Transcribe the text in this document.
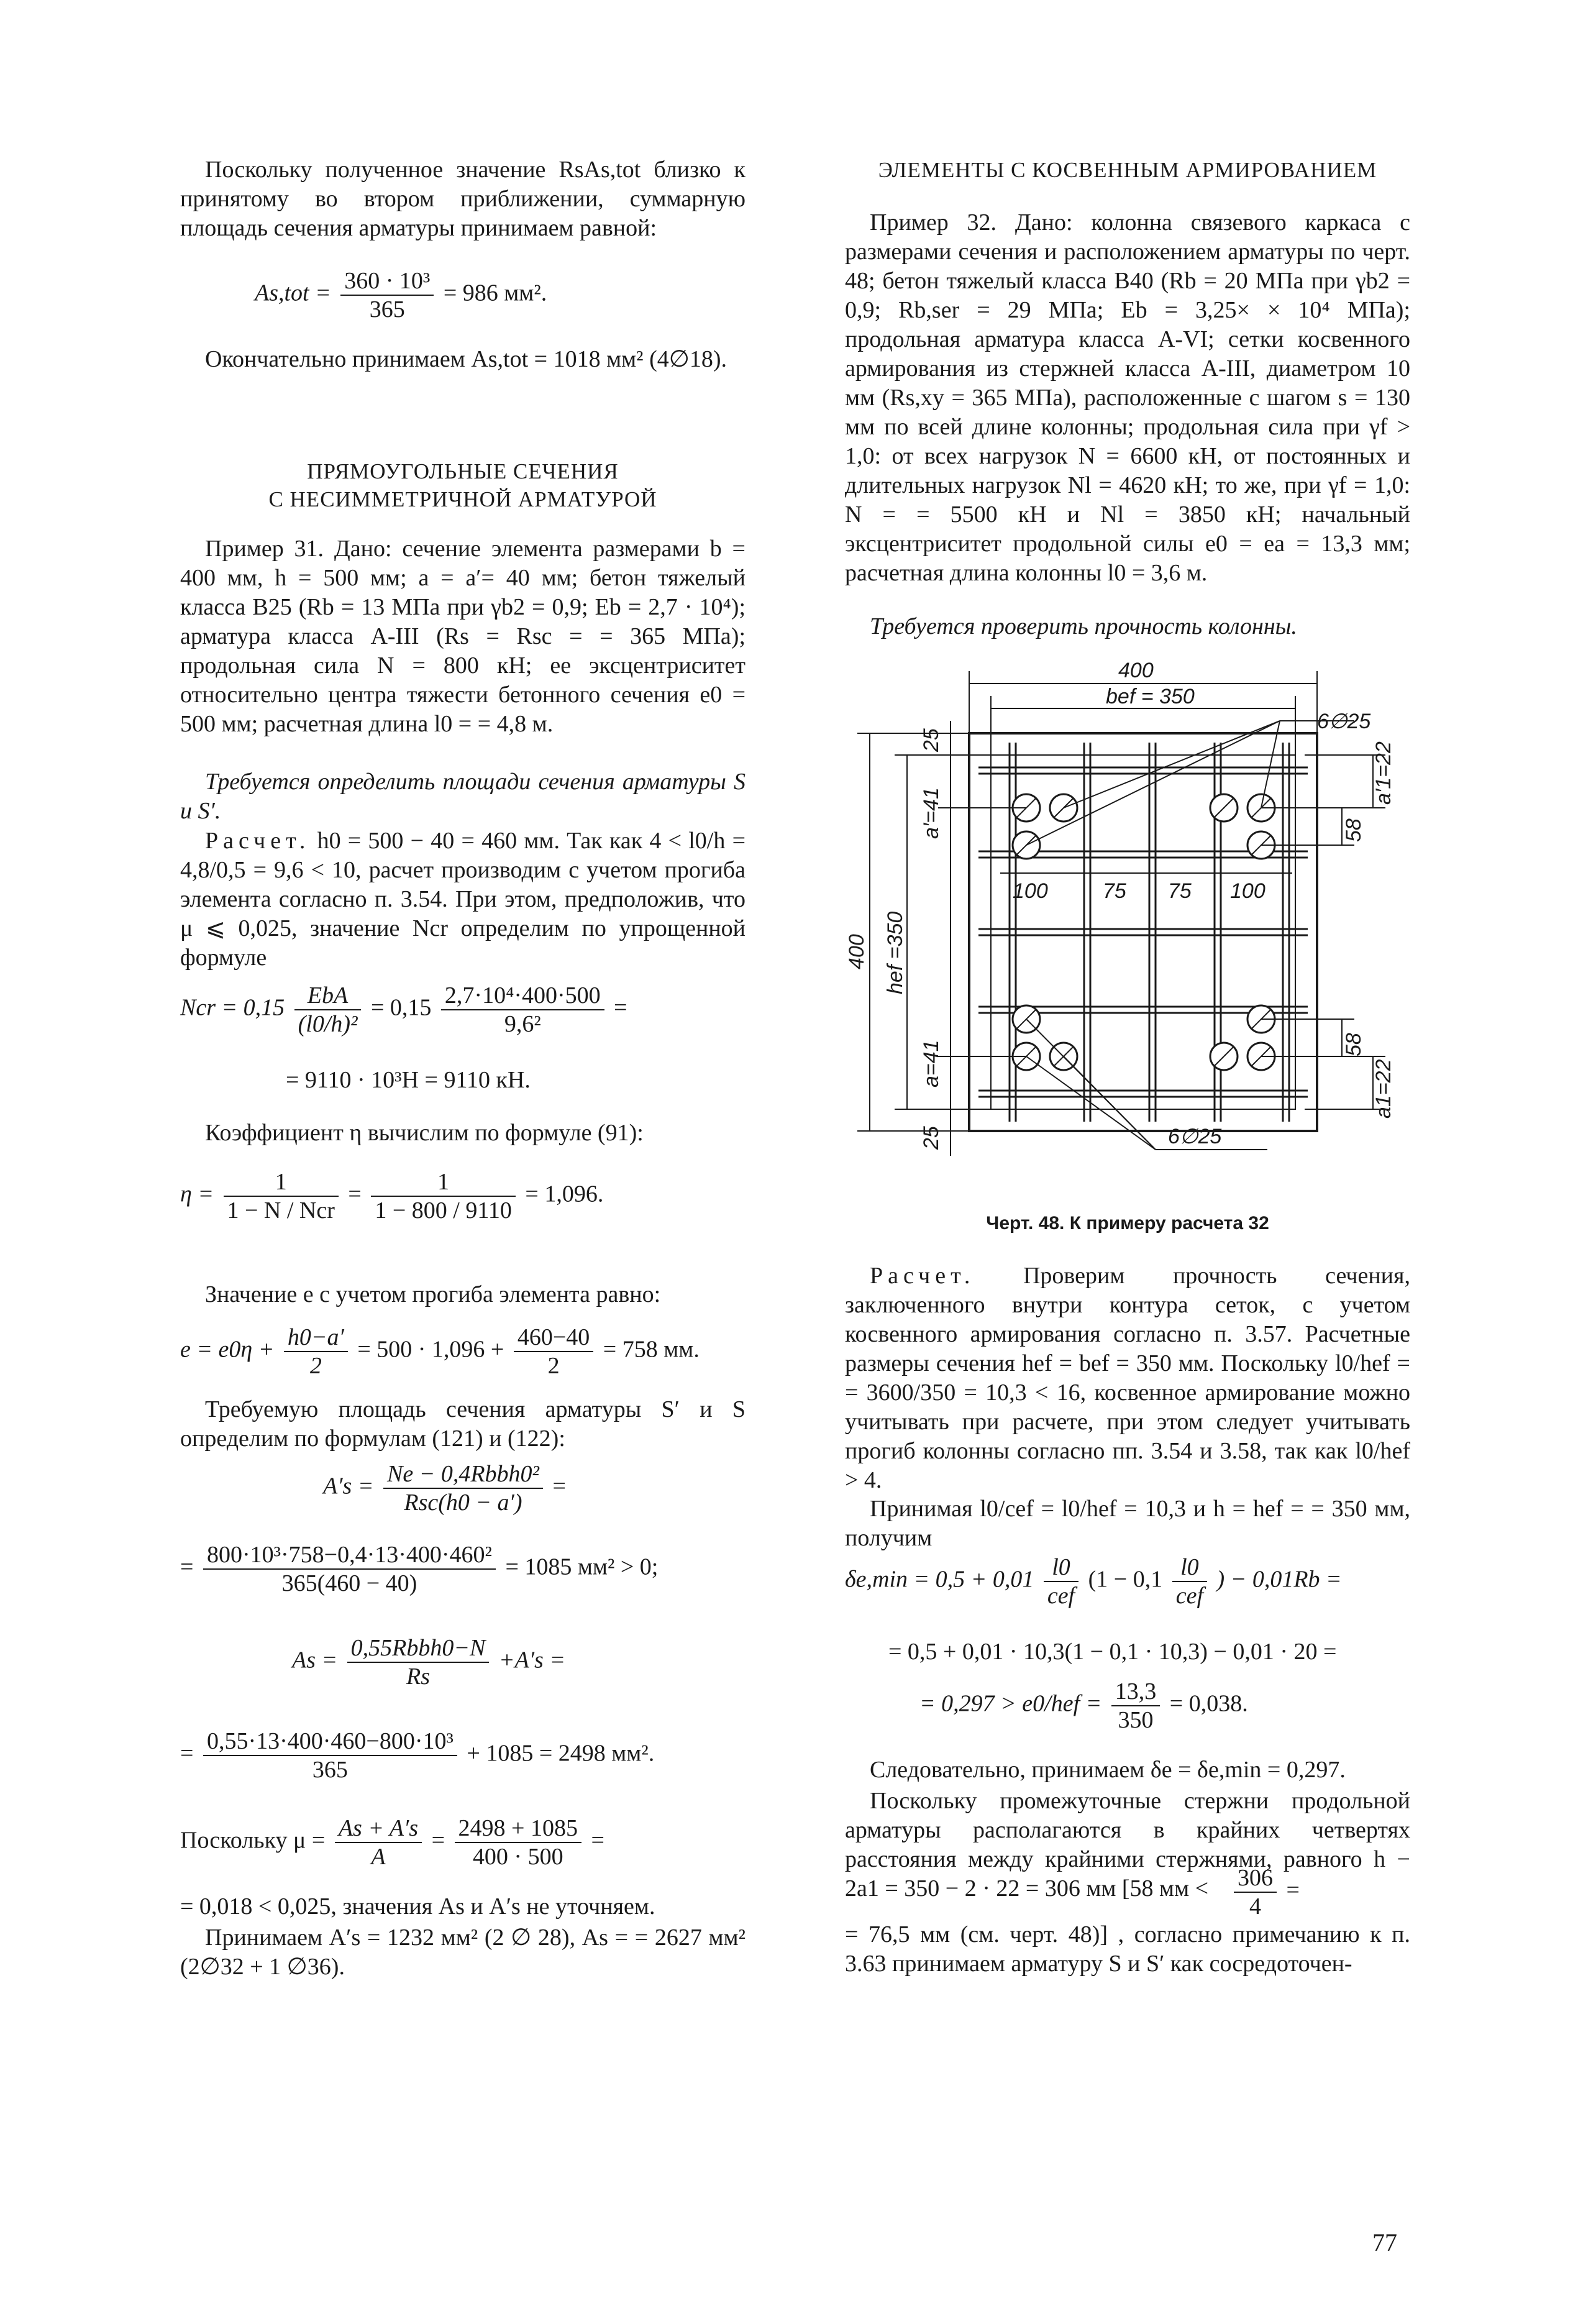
Поскольку полученное значение RsAs,tot близко к принятому во втором приближении, суммарную площадь сечения арматуры принимаем равной:

$As,tot = \frac{\text{360 · 10³}}{365} = 986$ мм².

Окончательно принимаем As,tot = 1018 мм² (4∅18).

ПРЯМОУГОЛЬНЫЕ СЕЧЕНИЯ

С НЕСИММЕТРИЧНОЙ АРМАТУРОЙ

Пример 31. Дано: сечение элемента размерами b = 400 мм, h = 500 мм; a = a′= 40 мм; бетон тяжелый класса В25 (Rb = 13 МПа при γb2 = 0,9; Eb = 2,7 · 10⁴); арматура класса А-III (Rs = Rsc = = 365 МПа); продольная сила N = 800 кН; ее эксцентриситет относительно центра тяжести бетонного сечения e0 = 500 мм; расчетная длина l0 = = 4,8 м.

Требуется определить площади сечения арматуры S и S′.

Расчет. h0 = 500 − 40 = 460 мм. Так как 4 < l0/h = 4,8/0,5 = 9,6 < 10, расчет производим с учетом прогиба элемента согласно п. 3.54. При этом, предположив, что μ ⩽ 0,025, значение Ncr определим по упрощенной формуле

Ncr = $0,15 \frac{\text{EbA}}{\text{(l0/h)²}} = 0,15 \frac{\text{2,7·10⁴·400·500}}{\text{9,6²}}$ =
= 9110 · 10³H = 9110 кН.

Коэффициент η вычислим по формуле (91):

$\eta = \frac{1}{\text{1 − N / Ncr}} = \frac{1}{1 - 800 / 9110} = 1,096$.

Значение e с учетом прогиба элемента равно:

$e = e0\eta + \frac{h0-a'}{2} = 500 \cdot 1,096 + \frac{460-40}{2} = 758$ мм.

Требуемую площадь сечения арматуры S′ и S определим по формулам (121) и (122):

$A's = \frac{\text{Ne − 0,4Rbbh0²}}{\text{Rsc(h0 − a′)}}$ =
= $\frac{\text{800·10³·758−0,4·13·400·460²}}{365(460 - 40)} = 1085$ мм² > 0;
$As = \frac{\text{0,55Rbbh0−N}}{Rs} +A's$ =
= $\frac{\text{0,55·13·400·460−800·10³}}{365} + 1085 = 2498$ мм².
Поскольку $\mu = \frac{As + A's}{A} = \frac{2498 + 1085}{400 \cdot 500}$ =

= 0,018 < 0,025, значения As и A′s не уточняем.

Принимаем A′s = 1232 мм² (2 ∅ 28), As = = 2627 мм² (2∅32 + 1 ∅36).

ЭЛЕМЕНТЫ С КОСВЕННЫМ АРМИРОВАНИЕМ

Пример 32. Дано: колонна связевого каркаса с размерами сечения и расположением арматуры по черт. 48; бетон тяжелый класса В40 (Rb = 20 МПа при γb2 = 0,9; Rb,ser = 29 МПа; Eb = 3,25× × 10⁴ МПа); продольная арматура класса А-VI; сетки косвенного армирования из стержней класса А-III, диаметром 10 мм (Rs,xy = 365 МПа), расположенные с шагом s = 130 мм по всей длине колонны; продольная сила при γf > 1,0: от всех нагрузок N = 6600 кН, от постоянных и длительных нагрузок Nl = 4620 кН; то же, при γf = 1,0: N = = 5500 кН и Nl = 3850 кН; начальный эксцентриситет продольной силы e0 = ea = 13,3 мм; расчетная длина колонны l0 = 3,6 м.

Требуется проверить прочность колонны.

400
bef = 350
6∅25
25
a′=41
a′1=22
58
100	75 75 100
400 hef =350
a=41
25
58
a1=22
6∅25
Черт. 48. К примеру расчета 32

Расчет. Проверим прочность сечения, заключенного внутри контура сеток, с учетом косвенного армирования согласно п. 3.57. Расчетные размеры сечения hef = bef = 350 мм. Поскольку l0/hef = = 3600/350 = 10,3 < 16, косвенное армирование можно учитывать при расчете, при этом следует учитывать прогиб колонны согласно пп. 3.54 и 3.58, так как l0/hef > 4.

Принимая l0/cef = l0/hef = 10,3 и h = hef = = 350 мм, получим

$\delta e,\min = 0,5 + 0,01 \frac{l0}{\text{cef}} (1 - 0,1 \frac{l0}{\text{cef}}$ ) − 0,01Rb =
= 0,5 + 0,01 · 10,3(1 − 0,1 · 10,3) − 0,01 · 20 =
= $0,297 > e0/hef = \frac{13,3}{350} = 0,038$.

Следовательно, принимаем δe = δe,min = 0,297.

Поскольку промежуточные стержни продольной арматуры располагаются в крайних четвертях расстояния между крайними стержнями, равного h − 2a1 = 350 − 2 · 22 = 306 мм [58 мм <	$\frac{306}{4}$ =

= 76,5 мм (см. черт. 48)] , согласно примечанию к п. 3.63 принимаем арматуру S и S′ как сосредоточен-

77
